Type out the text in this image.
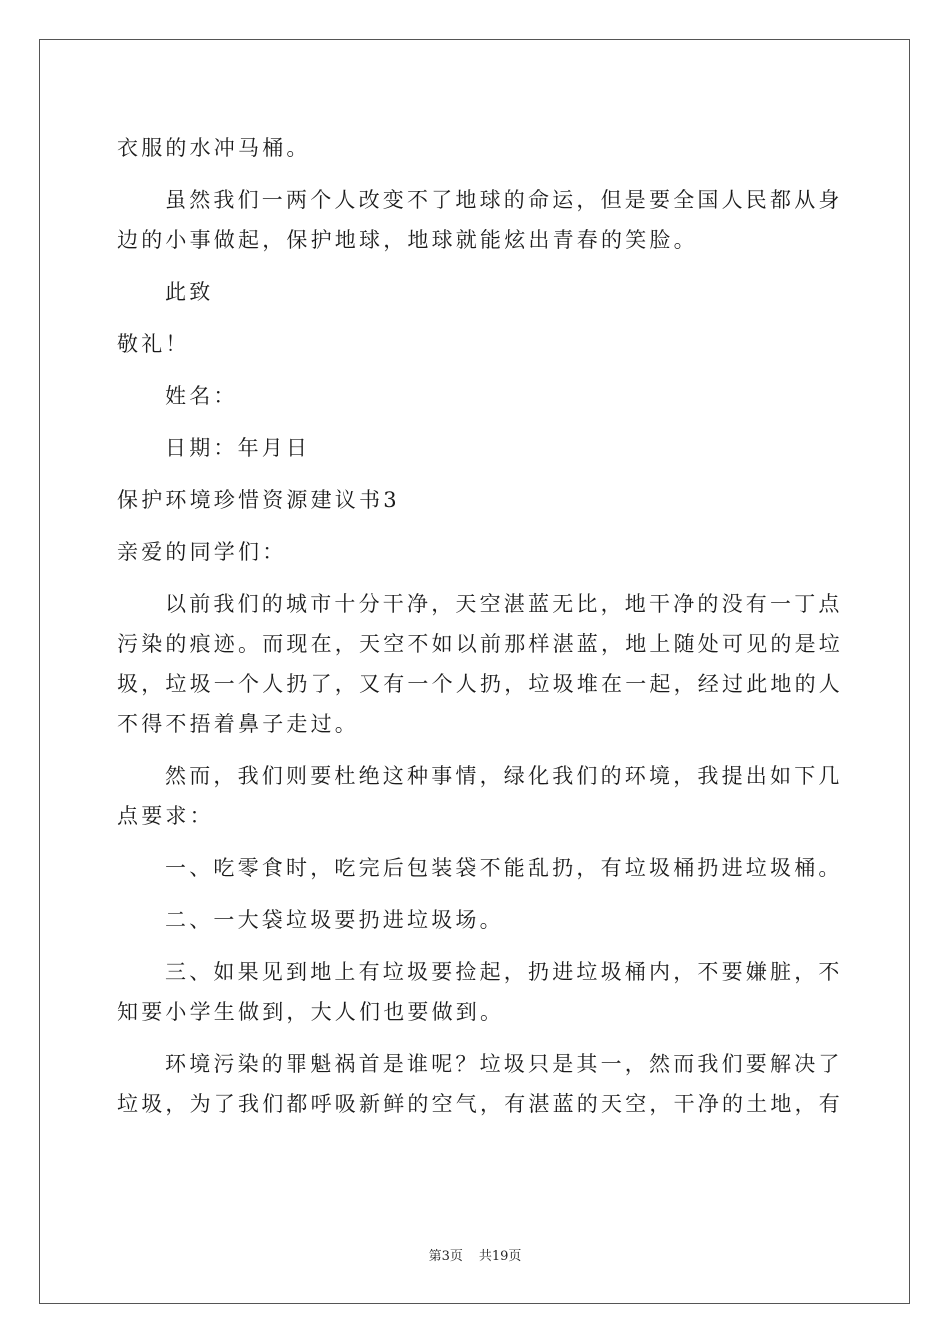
衣服的水冲马桶。

虽然我们一两个人改变不了地球的命运，但是要全国人民都从身

边的小事做起，保护地球，地球就能炫出青春的笑脸。

此致

敬礼！

姓名：

日期：年月日

保护环境珍惜资源建议书3

亲爱的同学们：

以前我们的城市十分干净，天空湛蓝无比，地干净的没有一丁点

污染的痕迹。而现在，天空不如以前那样湛蓝，地上随处可见的是垃

圾，垃圾一个人扔了，又有一个人扔，垃圾堆在一起，经过此地的人

不得不捂着鼻子走过。

然而，我们则要杜绝这种事情，绿化我们的环境，我提出如下几

点要求：

一、吃零食时，吃完后包装袋不能乱扔，有垃圾桶扔进垃圾桶。

二、一大袋垃圾要扔进垃圾场。

三、如果见到地上有垃圾要捡起，扔进垃圾桶内，不要嫌脏，不

知要小学生做到，大人们也要做到。

环境污染的罪魁祸首是谁呢？垃圾只是其一，然而我们要解决了

垃圾，为了我们都呼吸新鲜的空气，有湛蓝的天空，干净的土地，有

第3页 共19页
